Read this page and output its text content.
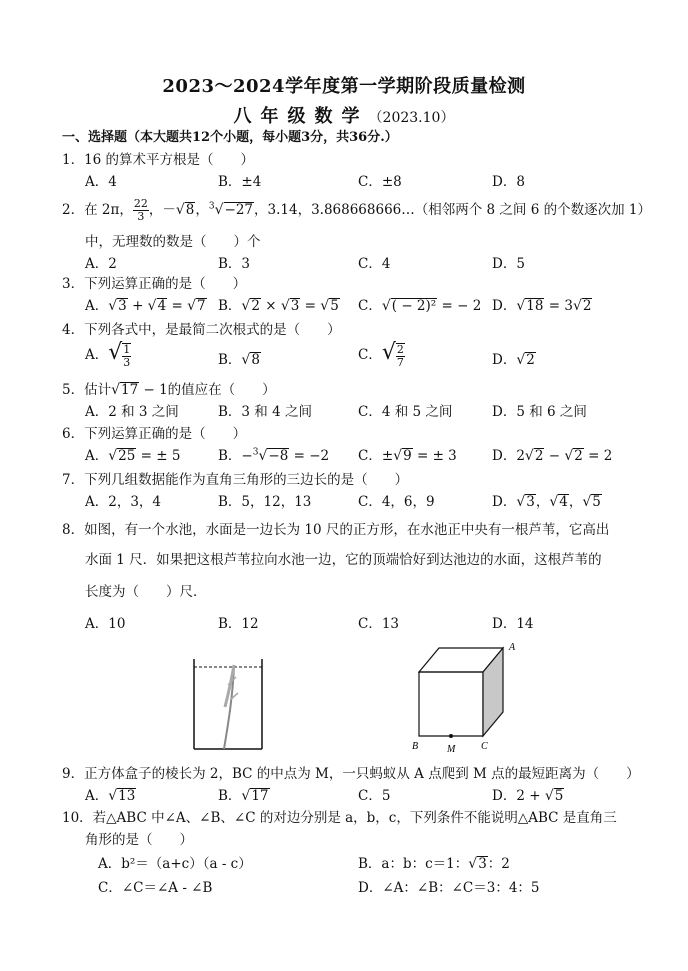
2023～2024学年度第一学期阶段质量检测
八年级数学（2023.10）
一、选择题（本大题共12个小题，每小题3分，共36分.）
1．16 的算术平方根是（　　）
A．4	B．±4	C．±8	D．8
2．在 2π， $\frac{22}{3}$ ，－√8，$^3$√−27，3.14，3.868668666…（相邻两个 8 之间 6 的个数逐次加 1）
中，无理数的数是（　　）个
A．2	B．3	C．4	D．5
3．下列运算正确的是（　　）
A．√3 + √4 = √7 B．√2 × √3 = √5 C．√( − 2)² = − 2 D．√18 = 3√2
4．下列各式中，是最简二次根式的是（　　）
A．√ $\frac{1}{3}$	B．√8	C．√ $\frac{2}{7}$	D．√2
5．估计√17 − 1的值应在（　　）
A．2 和 3 之间	B．3 和 4 之间	C．4 和 5 之间	D．5 和 6 之间
6．下列运算正确的是（　　）
A．√25 = ± 5	B．−$^3$√−8 = −2 C．±√9 = ± 3	D．2√2 − √2 = 2
7．下列几组数据能作为直角三角形的三边长的是（　　）
A．2，3，4	B．5，12，13	C．4，6，9	D．√3，√4，√5
8．如图，有一个水池，水面是一边长为 10 尺的正方形，在水池正中央有一根芦苇，它高出
水面 1 尺．如果把这根芦苇拉向水池一边，它的顶端恰好到达池边的水面，这根芦苇的
长度为（　　）尺．
A．10	B．12	C．13	D．14
A
B	M	C
9．正方体盒子的棱长为 2，BC 的中点为 M，一只蚂蚁从 A 点爬到 M 点的最短距离为（　　）
A．√13	B．√17	C．5	D．2 + √5
10．若△ABC 中∠A、∠B、∠C 的对边分别是 a，b，c，下列条件不能说明△ABC 是直角三
角形的是（　　）
A．b²＝（a+c）（a - c）	B．a：b：c＝1：√3：2
C．∠C＝∠A - ∠B	D．∠A：∠B：∠C＝3：4：5
